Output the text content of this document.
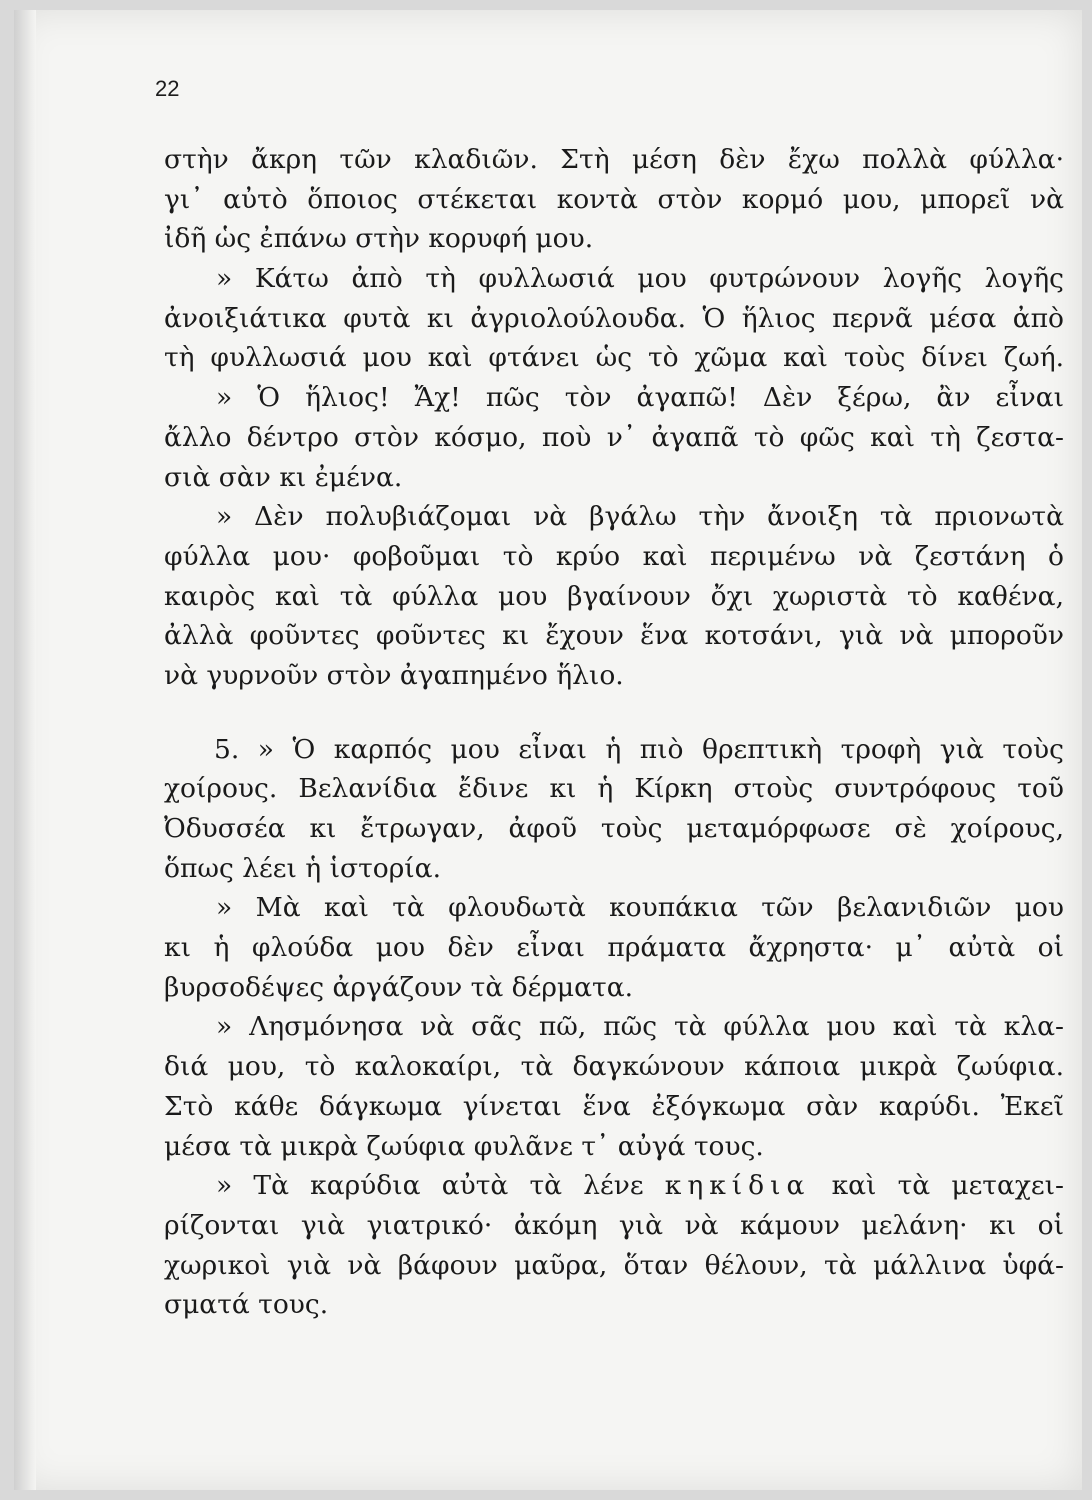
22
στὴν ἄκρη τῶν κλαδιῶν. Στὴ μέση δὲν ἔχω πολλὰ φύλλα·
γι᾽ αὐτὸ ὅποιος στέκεται κοντὰ στὸν κορμό μου, μπορεῖ νὰ
ἰδῆ ὡς ἐπάνω στὴν κορυφή μου.
» Κάτω ἀπὸ τὴ φυλλωσιά μου φυτρώνουν λογῆς λογῆς
ἀνοιξιάτικα φυτὰ κι ἀγριολούλουδα. Ὁ ἥλιος περνᾶ μέσα ἀπὸ
τὴ φυλλωσιά μου καὶ φτάνει ὡς τὸ χῶμα καὶ τοὺς δίνει ζωή.
» Ὁ ἥλιος! Ἄχ! πῶς τὸν ἀγαπῶ! Δὲν ξέρω, ἂν εἶναι
ἄλλο δέντρο στὸν κόσμο, ποὺ ν᾽ ἀγαπᾶ τὸ φῶς καὶ τὴ ζεστα-
σιὰ σὰν κι ἐμένα.
» Δὲν πολυβιάζομαι νὰ βγάλω τὴν ἄνοιξη τὰ πριονωτὰ
φύλλα μου· φοβοῦμαι τὸ κρύο καὶ περιμένω νὰ ζεστάνη ὁ
καιρὸς καὶ τὰ φύλλα μου βγαίνουν ὄχι χωριστὰ τὸ καθένα,
ἀλλὰ φοῦντες φοῦντες κι ἔχουν ἕνα κοτσάνι, γιὰ νὰ μποροῦν
νὰ γυρνοῦν στὸν ἀγαπημένο ἥλιο.
5. » Ὁ καρπός μου εἶναι ἡ πιὸ θρεπτικὴ τροφὴ γιὰ τοὺς
χοίρους. Βελανίδια ἔδινε κι ἡ Κίρκη στοὺς συντρόφους τοῦ
Ὀδυσσέα κι ἔτρωγαν, ἀφοῦ τοὺς μεταμόρφωσε σὲ χοίρους,
ὅπως λέει ἡ ἱστορία.
» Μὰ καὶ τὰ φλουδωτὰ κουπάκια τῶν βελανιδιῶν μου
κι ἡ φλούδα μου δὲν εἶναι πράματα ἄχρηστα· μ᾽ αὐτὰ οἱ
βυρσοδέψες ἀργάζουν τὰ δέρματα.
» Λησμόνησα νὰ σᾶς πῶ, πῶς τὰ φύλλα μου καὶ τὰ κλα-
διά μου, τὸ καλοκαίρι, τὰ δαγκώνουν κάποια μικρὰ ζωύφια.
Στὸ κάθε δάγκωμα γίνεται ἕνα ἐξόγκωμα σὰν καρύδι. Ἐκεῖ
μέσα τὰ μικρὰ ζωύφια φυλᾶνε τ᾽ αὐγά τους.
» Τὰ καρύδια αὐτὰ τὰ λένε κηκίδια καὶ τὰ μεταχει-
ρίζονται γιὰ γιατρικό· ἀκόμη γιὰ νὰ κάμουν μελάνη· κι οἱ
χωρικοὶ γιὰ νὰ βάφουν μαῦρα, ὅταν θέλουν, τὰ μάλλινα ὑφά-
σματά τους.
